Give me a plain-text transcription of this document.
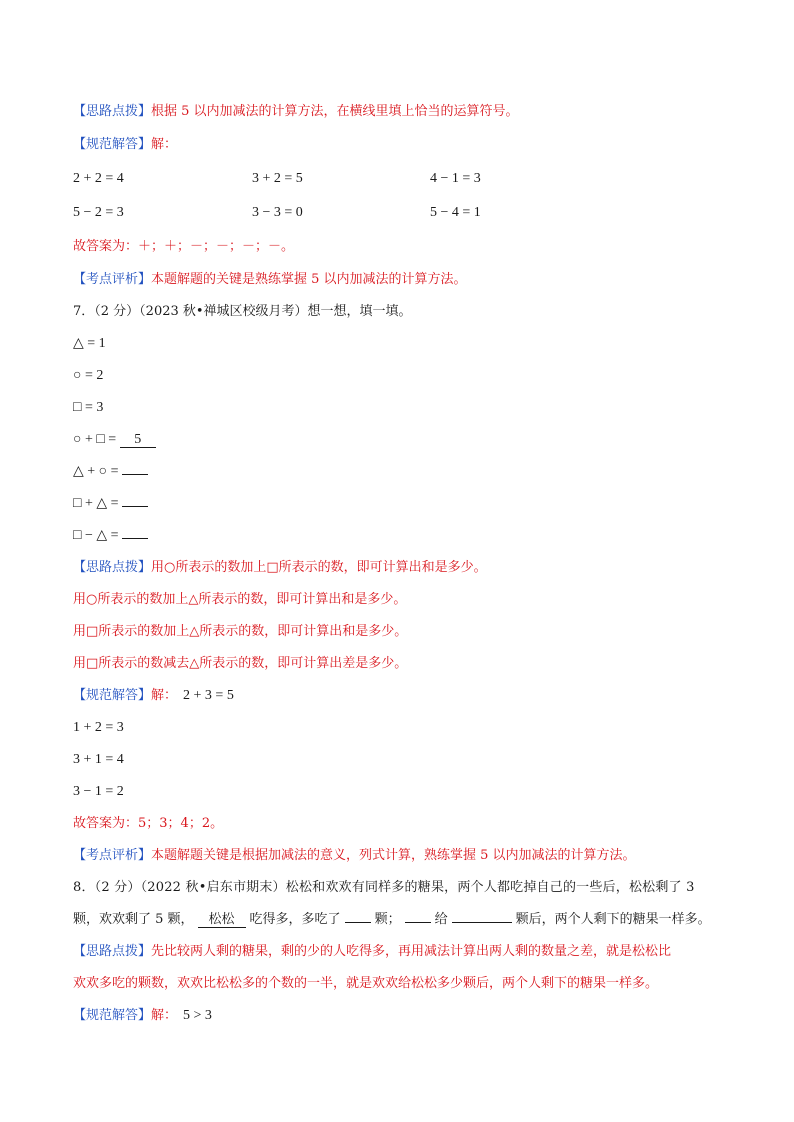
【思路点拨】根据 5 以内加减法的计算方法，在横线里填上恰当的运算符号。
【规范解答】解：
2 + 2 = 4	3 + 2 = 5	4 − 1 = 3
5 − 2 = 3	3 − 3 = 0	5 − 4 = 1
故答案为：＋；＋；－；－；－；－。
【考点评析】本题解题的关键是熟练掌握 5 以内加减法的计算方法。
7．（2 分）（2023 秋•禅城区校级月考）想一想，填一填。
△ = 1
○ = 2
□ = 3
○ + □ = 5
△ + ○ =
□ + △ =
□ − △ =
【思路点拨】用○所表示的数加上□所表示的数，即可计算出和是多少。
用○所表示的数加上△所表示的数，即可计算出和是多少。
用□所表示的数加上△所表示的数，即可计算出和是多少。
用□所表示的数减去△所表示的数，即可计算出差是多少。
【规范解答】解： 2 + 3 = 5
1 + 2 = 3
3 + 1 = 4
3 − 1 = 2
故答案为：5；3；4；2。
【考点评析】本题解题关键是根据加减法的意义，列式计算，熟练掌握 5 以内加减法的计算方法。
8．（2 分）（2022 秋•启东市期末）松松和欢欢有同样多的糖果，两个人都吃掉自己的一些后，松松剩了 3
颗，欢欢剩了 5 颗， 松松 吃得多，多吃了	颗；	给	颗后，两个人剩下的糖果一样多。
【思路点拨】先比较两人剩的糖果，剩的少的人吃得多，再用减法计算出两人剩的数量之差，就是松松比
欢欢多吃的颗数，欢欢比松松多的个数的一半，就是欢欢给松松多少颗后，两个人剩下的糖果一样多。
【规范解答】解： 5 > 3
